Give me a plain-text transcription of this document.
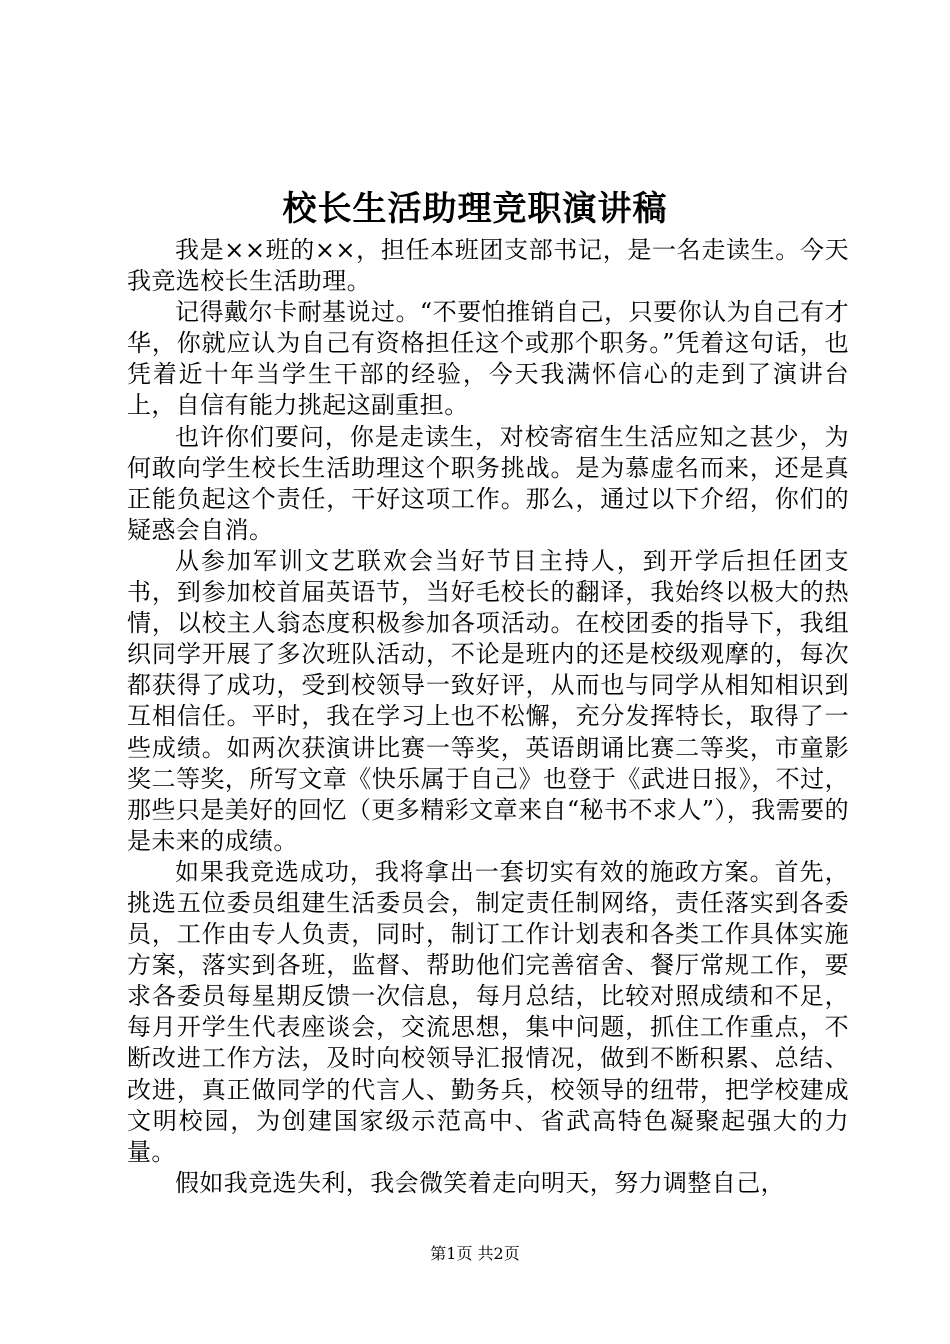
校长生活助理竞职演讲稿

我是××班的××，担任本班团支部书记，是一名走读生。今天我竞选校长生活助理。

记得戴尔卡耐基说过。“不要怕推销自己，只要你认为自己有才华，你就应认为自己有资格担任这个或那个职务。”凭着这句话，也凭着近十年当学生干部的经验，今天我满怀信心的走到了演讲台上，自信有能力挑起这副重担。

也许你们要问，你是走读生，对校寄宿生生活应知之甚少，为何敢向学生校长生活助理这个职务挑战。是为慕虚名而来，还是真正能负起这个责任，干好这项工作。那么，通过以下介绍，你们的疑惑会自消。

从参加军训文艺联欢会当好节目主持人，到开学后担任团支书，到参加校首届英语节，当好毛校长的翻译，我始终以极大的热情，以校主人翁态度积极参加各项活动。在校团委的指导下，我组织同学开展了多次班队活动，不论是班内的还是校级观摩的，每次都获得了成功，受到校领导一致好评，从而也与同学从相知相识到互相信任。平时，我在学习上也不松懈，充分发挥特长，取得了一些成绩。如两次获演讲比赛一等奖，英语朗诵比赛二等奖，市童影奖二等奖，所写文章《快乐属于自己》也登于《武进日报》，不过，那些只是美好的回忆（更多精彩文章来自“秘书不求人”），我需要的是未来的成绩。

如果我竞选成功，我将拿出一套切实有效的施政方案。首先，挑选五位委员组建生活委员会，制定责任制网络，责任落实到各委员，工作由专人负责，同时，制订工作计划表和各类工作具体实施方案，落实到各班，监督、帮助他们完善宿舍、餐厅常规工作，要求各委员每星期反馈一次信息，每月总结，比较对照成绩和不足，每月开学生代表座谈会，交流思想，集中问题，抓住工作重点，不断改进工作方法，及时向校领导汇报情况，做到不断积累、总结、改进，真正做同学的代言人、勤务兵，校领导的纽带，把学校建成文明校园，为创建国家级示范高中、省武高特色凝聚起强大的力量。

假如我竞选失利，我会微笑着走向明天，努力调整自己，

第1页 共2页
